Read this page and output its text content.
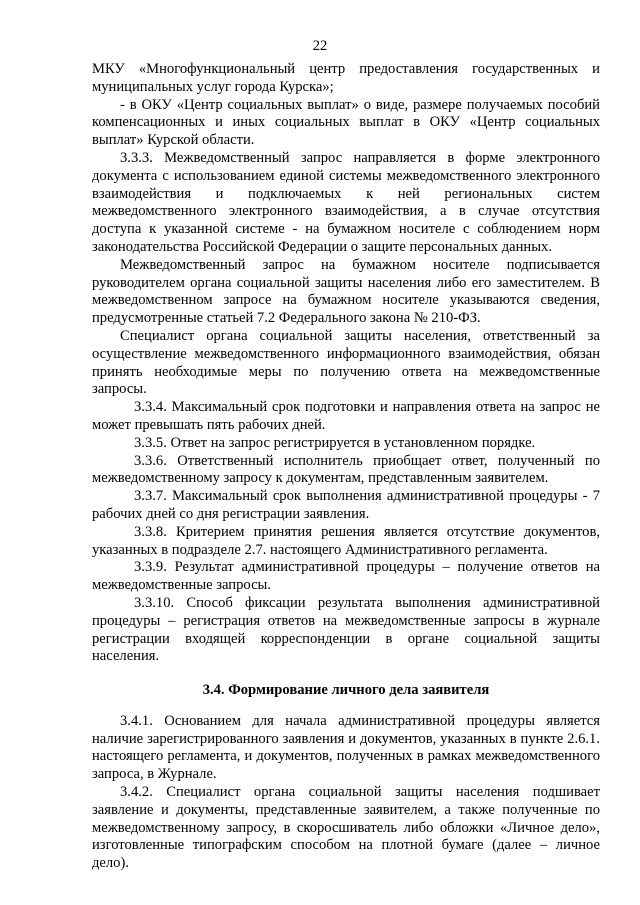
22

МКУ «Многофункциональный центр предоставления государственных и муниципальных услуг города Курска»;

- в ОКУ «Центр социальных выплат» о виде, размере получаемых пособий компенсационных и иных социальных выплат в ОКУ «Центр социальных выплат» Курской области.

3.3.3. Межведомственный запрос направляется в форме электронного документа с использованием единой системы межведомственного электронного взаимодействия и подключаемых к ней региональных систем межведомственного электронного взаимодействия, а в случае отсутствия доступа к указанной системе - на бумажном носителе с соблюдением норм законодательства Российской Федерации о защите персональных данных.

Межведомственный запрос на бумажном носителе подписывается руководителем органа социальной защиты населения либо его заместителем. В межведомственном запросе на бумажном носителе указываются сведения, предусмотренные статьей 7.2 Федерального закона № 210-ФЗ.

Специалист органа социальной защиты населения, ответственный за осуществление межведомственного информационного взаимодействия, обязан принять необходимые меры по получению ответа на межведомственные запросы.

3.3.4. Максимальный срок подготовки и направления ответа на запрос не может превышать пять рабочих дней.

3.3.5. Ответ на запрос регистрируется в установленном порядке.

3.3.6. Ответственный исполнитель приобщает ответ, полученный по межведомственному запросу к документам, представленным заявителем.

3.3.7. Максимальный срок выполнения административной процедуры - 7 рабочих дней со дня регистрации заявления.

3.3.8. Критерием принятия решения является отсутствие документов, указанных в подразделе 2.7. настоящего Административного регламента.

3.3.9. Результат административной процедуры – получение ответов на межведомственные запросы.

3.3.10. Способ фиксации результата выполнения административной процедуры – регистрация ответов на межведомственные запросы в журнале регистрации входящей корреспонденции в органе социальной защиты населения.

3.4. Формирование личного дела заявителя

3.4.1. Основанием для начала административной процедуры является наличие зарегистрированного заявления и документов, указанных в пункте 2.6.1. настоящего регламента, и документов, полученных в рамках межведомственного запроса, в Журнале.

3.4.2. Специалист органа социальной защиты населения подшивает заявление и документы, представленные заявителем, а также полученные по межведомственному запросу, в скоросшиватель либо обложки «Личное дело», изготовленные типографским способом на плотной бумаге (далее – личное дело).
